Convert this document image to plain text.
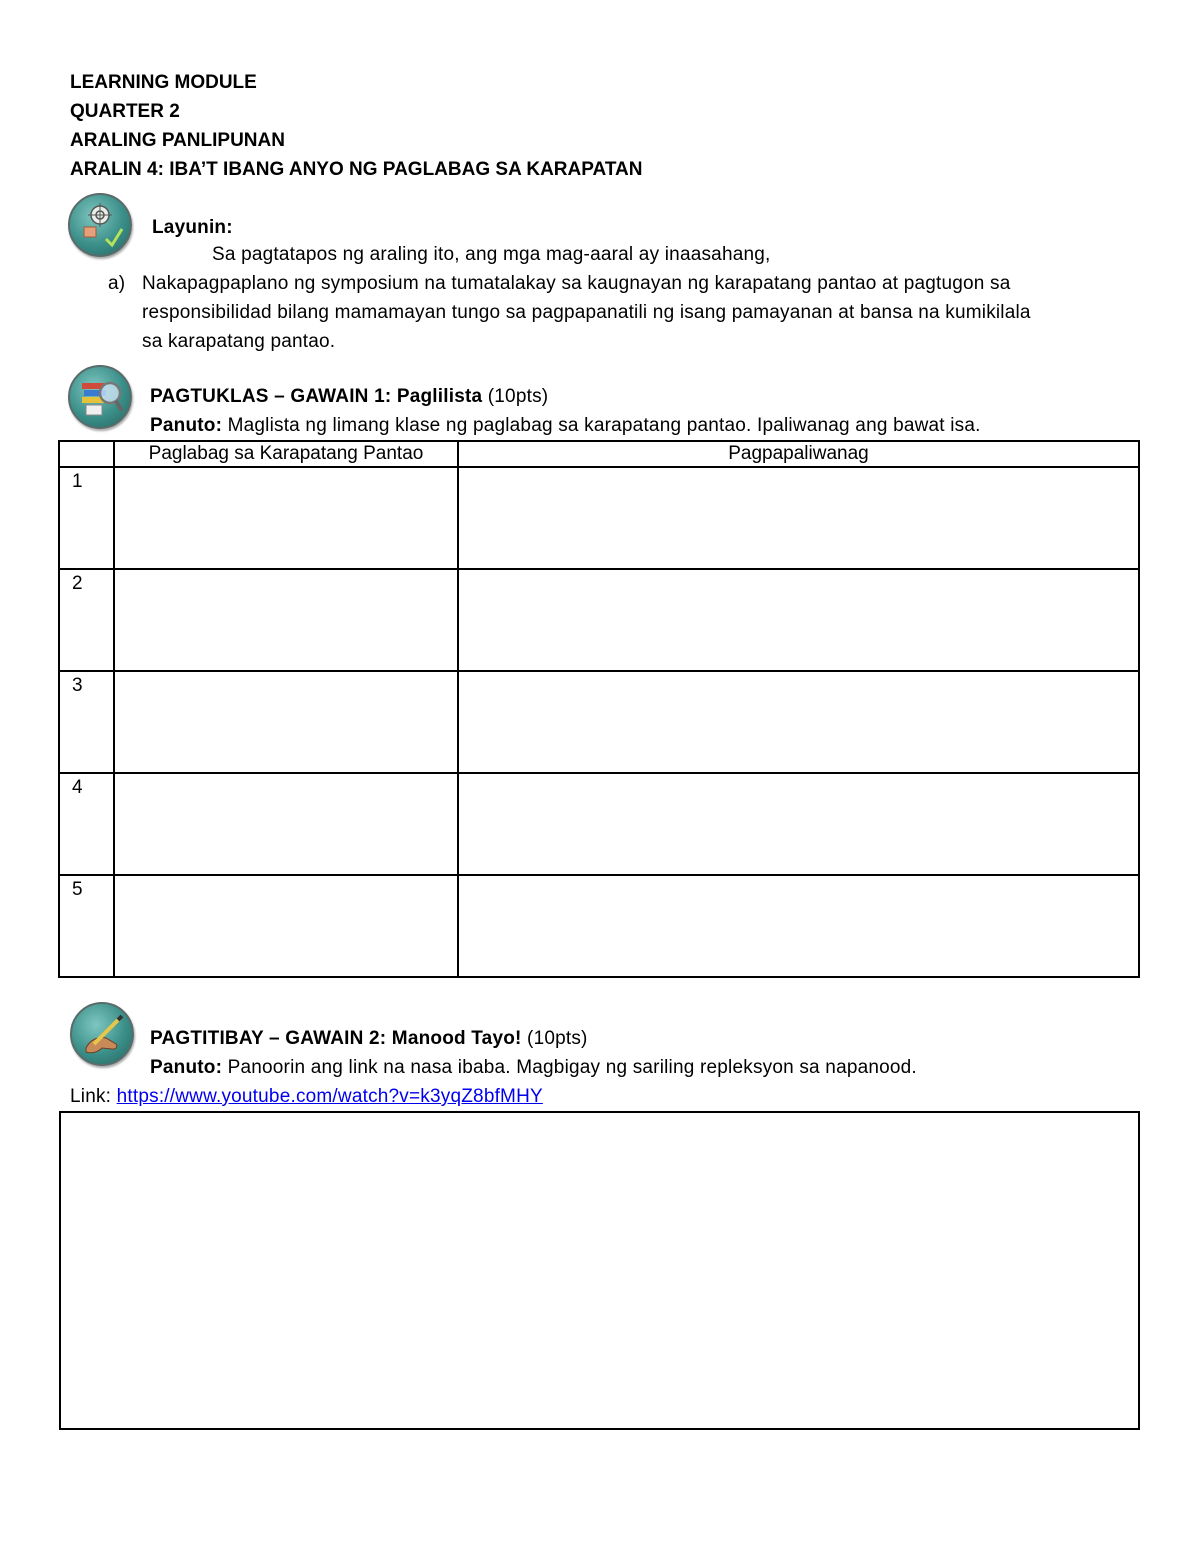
LEARNING MODULE
QUARTER 2
ARALING PANLIPUNAN
ARALIN 4: IBA’T IBANG ANYO NG PAGLABAG SA KARAPATAN
Layunin:
Sa pagtatapos ng araling ito, ang mga mag-aaral ay inaasahang,
a) Nakapagpaplano ng symposium na tumatalakay sa kaugnayan ng karapatang pantao at pagtugon sa
responsibilidad bilang mamamayan tungo sa pagpapanatili ng isang pamayanan at bansa na kumikilala
sa karapatang pantao.
PAGTUKLAS – GAWAIN 1: Paglilista (10pts)
Panuto: Maglista ng limang klase ng paglabag sa karapatang pantao. Ipaliwanag ang bawat isa.
	Paglabag sa Karapatang Pantao	Pagpapaliwanag
1		
2		
3		
4		
5		
PAGTITIBAY – GAWAIN 2: Manood Tayo! (10pts)
Panuto: Panoorin ang link na nasa ibaba. Magbigay ng sariling repleksyon sa napanood.
Link: https://www.youtube.com/watch?v=k3yqZ8bfMHY
